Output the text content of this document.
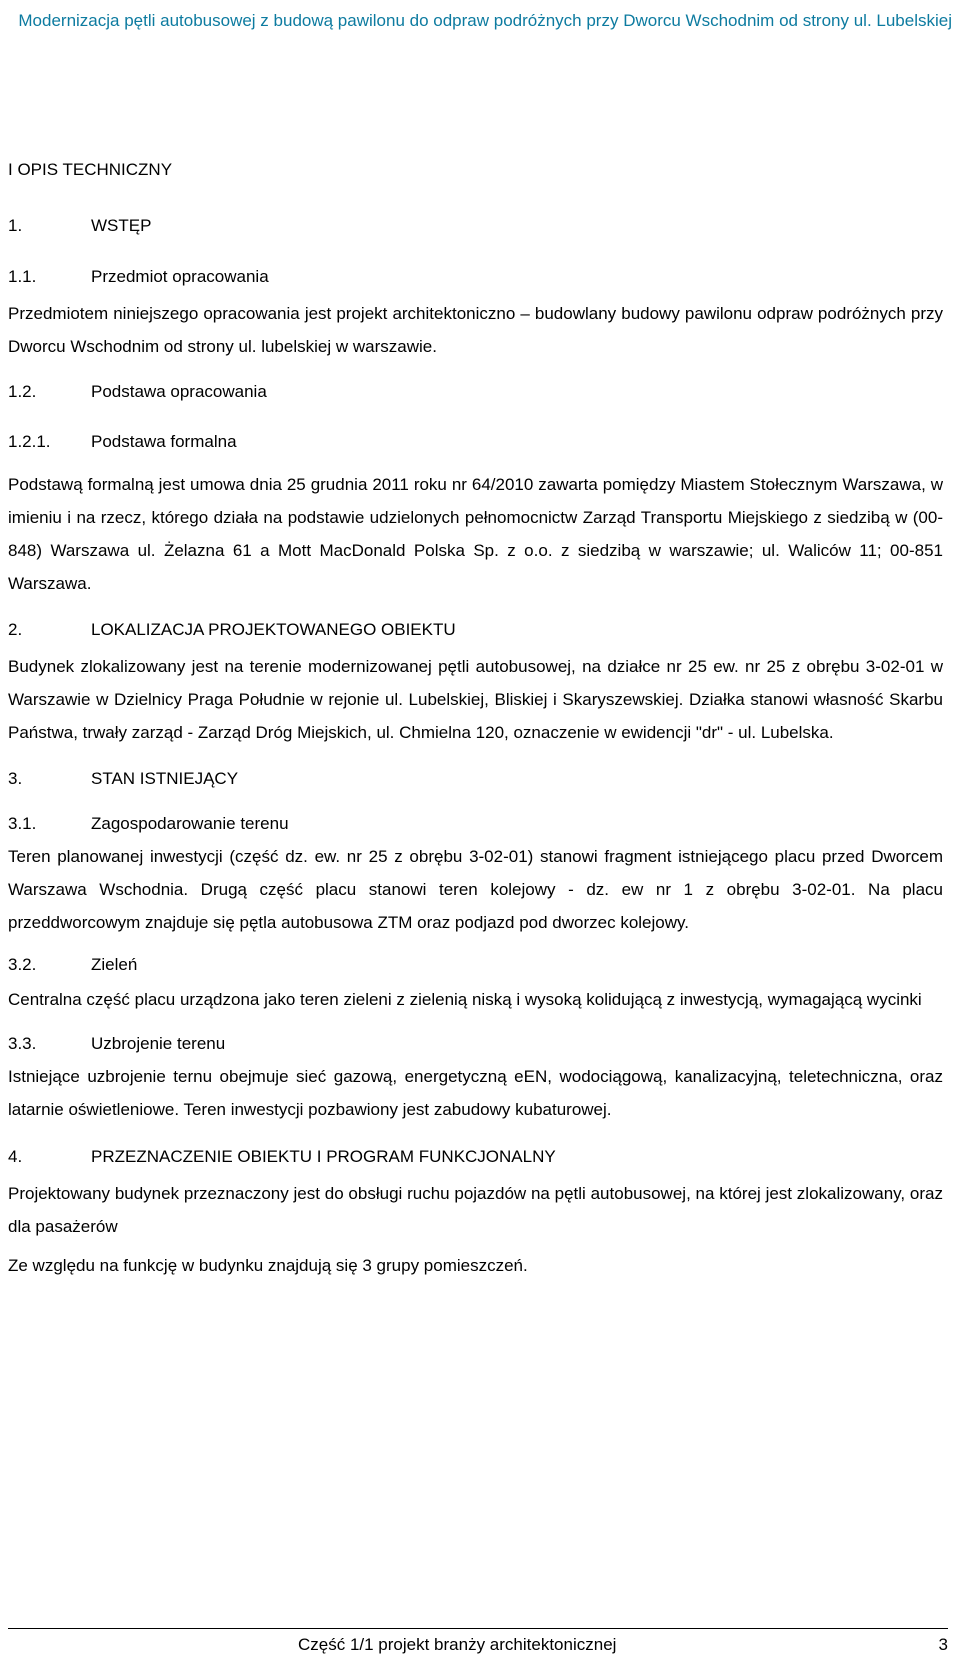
Modernizacja pętli autobusowej z budową pawilonu do odpraw podróżnych przy Dworcu Wschodnim od strony ul. Lubelskiej

I OPIS TECHNICZNY

1.	WSTĘP
1.1.	Przedmiot opracowania

Przedmiotem niniejszego opracowania jest projekt architektoniczno – budowlany budowy pawilonu odpraw podróżnych przy Dworcu Wschodnim od strony ul. lubelskiej w warszawie.

1.2.	Podstawa opracowania
1.2.1.	Podstawa formalna

Podstawą formalną jest umowa dnia 25 grudnia 2011 roku nr 64/2010 zawarta pomiędzy Miastem Stołecznym Warszawa, w imieniu i na rzecz, którego działa na podstawie udzielonych pełnomocnictw Zarząd Transportu Miejskiego z siedzibą w (00-848) Warszawa ul. Żelazna 61 a Mott MacDonald Polska Sp. z o.o. z siedzibą w warszawie; ul. Waliców 11; 00-851 Warszawa.

2.	LOKALIZACJA PROJEKTOWANEGO OBIEKTU

Budynek zlokalizowany jest na terenie modernizowanej pętli autobusowej, na działce nr 25 ew. nr 25 z obrębu 3-02-01 w Warszawie w Dzielnicy Praga Południe w rejonie ul. Lubelskiej, Bliskiej i Skaryszewskiej. Działka stanowi własność Skarbu Państwa, trwały zarząd - Zarząd Dróg Miejskich, ul. Chmielna 120, oznaczenie w ewidencji "dr" - ul. Lubelska.

3.	STAN ISTNIEJĄCY
3.1.	Zagospodarowanie terenu

Teren planowanej inwestycji (część dz. ew. nr 25 z obrębu 3-02-01) stanowi fragment istniejącego placu przed Dworcem Warszawa Wschodnia. Drugą część placu stanowi teren kolejowy - dz. ew nr 1 z obrębu 3-02-01. Na placu przeddworcowym znajduje się pętla autobusowa ZTM oraz podjazd pod dworzec kolejowy.

3.2.	Zieleń

Centralna część placu urządzona jako teren zieleni z zielenią niską i wysoką kolidującą z inwestycją, wymagającą wycinki

3.3.	Uzbrojenie terenu

Istniejące uzbrojenie ternu obejmuje sieć gazową, energetyczną eEN, wodociągową, kanalizacyjną, teletechniczna, oraz latarnie oświetleniowe. Teren inwestycji pozbawiony jest zabudowy kubaturowej.

4.	PRZEZNACZENIE OBIEKTU I PROGRAM FUNKCJONALNY

Projektowany budynek przeznaczony jest do obsługi ruchu pojazdów na pętli autobusowej, na której jest zlokalizowany, oraz dla pasażerów

Ze względu na funkcję w budynku znajdują się 3 grupy pomieszczeń.

Część 1/1 projekt branży architektonicznej	3
